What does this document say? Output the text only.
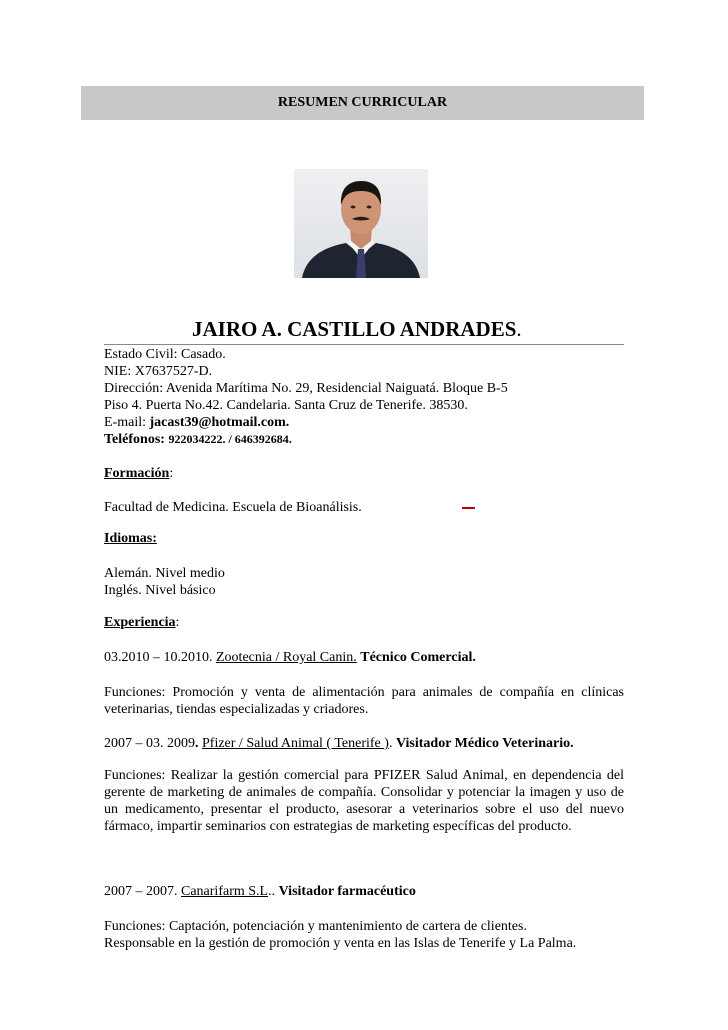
RESUMEN CURRICULAR
JAIRO A. CASTILLO ANDRADES.
Estado Civil: Casado.
NIE: X7637527-D.
Dirección: Avenida Marítima No. 29, Residencial Naiguatá. Bloque B-5
Piso 4. Puerta No.42. Candelaria. Santa Cruz de Tenerife. 38530.
E-mail: jacast39@hotmail.com.
Teléfonos: 922034222. / 646392684.
Formación:
Facultad de Medicina. Escuela de Bioanálisis.
Idiomas:
Alemán. Nivel medio
Inglés. Nivel básico
Experiencia:
03.2010 – 10.2010. Zootecnia / Royal Canin. Técnico Comercial.
Funciones: Promoción y venta de alimentación para animales de compañía en clínicas veterinarias, tiendas especializadas y criadores.
2007 – 03. 2009. Pfizer / Salud Animal ( Tenerife ). Visitador Médico Veterinario.
Funciones: Realizar la gestión comercial para PFIZER Salud Animal, en dependencia del gerente de marketing de animales de compañía. Consolidar y potenciar la imagen y uso de un medicamento, presentar el producto, asesorar a veterinarios sobre el uso del nuevo fármaco, impartir seminarios con estrategias de marketing específicas del producto.
2007 – 2007. Canarifarm S.L.. Visitador farmacéutico
Funciones: Captación, potenciación y mantenimiento de cartera de clientes.
Responsable en la gestión de promoción y venta en las Islas de Tenerife y La Palma.
